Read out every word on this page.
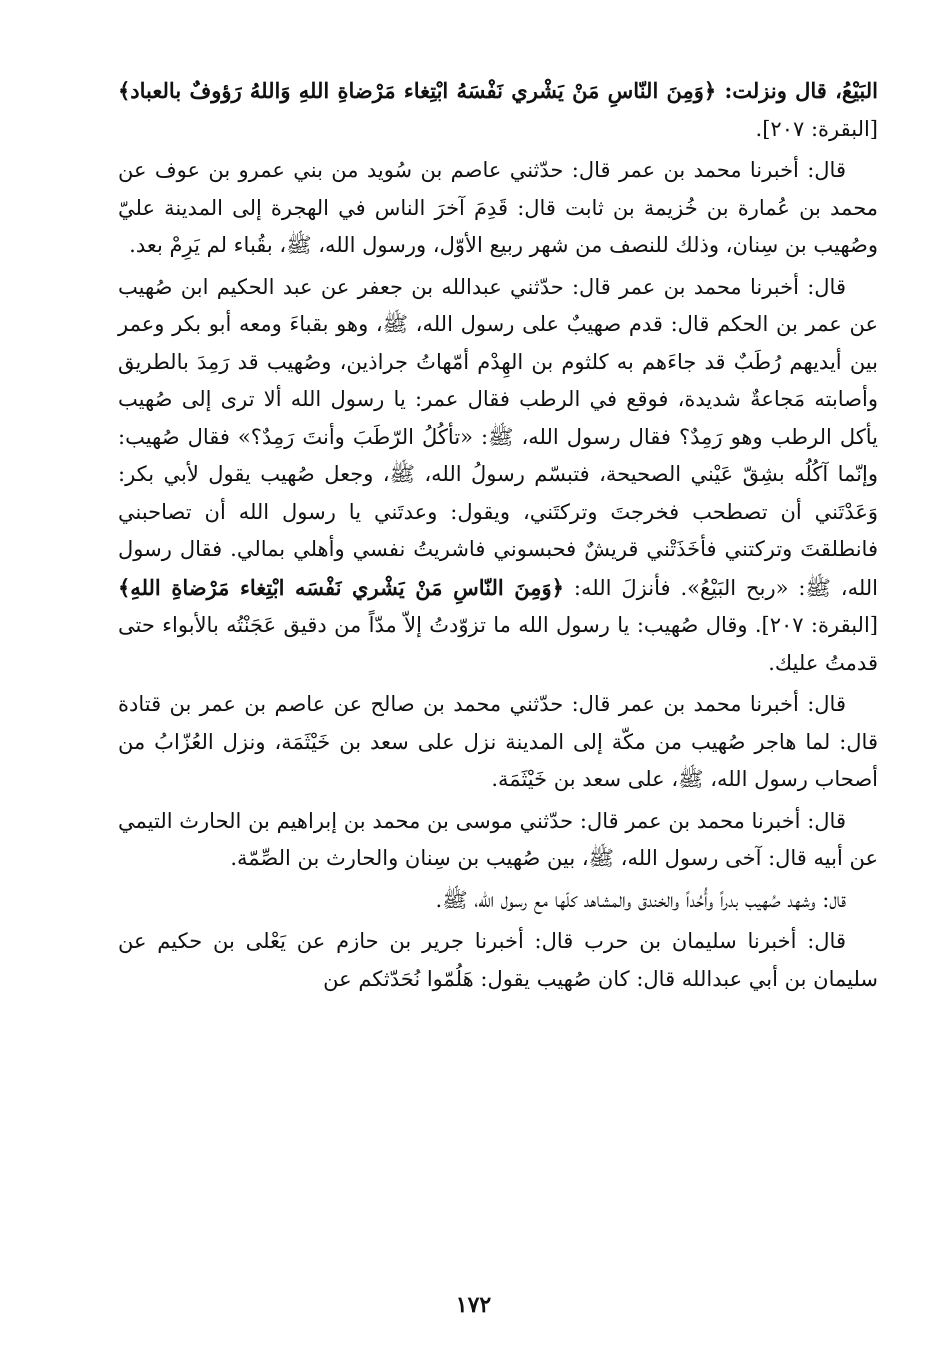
البَيْعُ، قال ونزلت: ﴿وَمِنَ النّاسِ مَنْ يَشْري نَفْسَهُ ابْتِغاء مَرْضاةِ اللهِ وَاللهُ رَؤوفٌ بالعباد﴾ [البقرة: ٢٠٧].

قال: أخبرنا محمد بن عمر قال: حدّثني عاصم بن سُويد من بني عمرو بن عوف عن محمد بن عُمارة بن خُزيمة بن ثابت قال: قَدِمَ آخرَ الناس في الهجرة إلى المدينة عليّ وصُهيب بن سِنان، وذلك للنصف من شهر ربيع الأوّل، ورسول الله، ﷺ، بقُباء لم يَرِمْ بعد.

قال: أخبرنا محمد بن عمر قال: حدّثني عبدالله بن جعفر عن عبد الحكيم ابن صُهيب عن عمر بن الحكم قال: قدم صهيبٌ على رسول الله، ﷺ، وهو بقباءَ ومعه أبو بكر وعمر بين أيديهم رُطَبٌ قد جاءَهم به كلثوم بن الهِدْم أمّهاتُ جراذين، وصُهيب قد رَمِدَ بالطريق وأصابته مَجاعةٌ شديدة، فوقع في الرطب فقال عمر: يا رسول الله ألا ترى إلى صُهيب يأكل الرطب وهو رَمِدٌ؟ فقال رسول الله، ﷺ: «تأكُلُ الرّطَبَ وأنتَ رَمِدٌ؟» فقال صُهيب: وإنّما آكُلُه بشِقّ عَيْني الصحيحة، فتبسّم رسولُ الله، ﷺ، وجعل صُهيب يقول لأبي بكر: وَعَدْتَني أن تصطحب فخرجتَ وتركتَني، ويقول: وعدتَني يا رسول الله أن تصاحبني فانطلقتَ وتركتني فأخَذَتْني قريشٌ فحبسوني فاشريتُ نفسي وأهلي بمالي. فقال رسول الله، ﷺ: «ربح البَيْعُ». فأنزلَ الله: ﴿وَمِنَ النّاسِ مَنْ يَشْري نَفْسَه ابْتِغاء مَرْضاةِ اللهِ﴾ [البقرة: ٢٠٧]. وقال صُهيب: يا رسول الله ما تزوّدتُ إلاّ مدّاً من دقيق عَجَنْتُه بالأبواء حتى قدمتُ عليك.

قال: أخبرنا محمد بن عمر قال: حدّثني محمد بن صالح عن عاصم بن عمر بن قتادة قال: لما هاجر صُهيب من مكّة إلى المدينة نزل على سعد بن خَيْثَمَة، ونزل العُزّابُ من أصحاب رسول الله، ﷺ، على سعد بن خَيْثَمَة.

قال: أخبرنا محمد بن عمر قال: حدّثني موسى بن محمد بن إبراهيم بن الحارث التيمي عن أبيه قال: آخى رسول الله، ﷺ، بين صُهيب بن سِنان والحارث بن الصِّمّة.

قال: وشهد صُهيب بدراً وأُحُداً والخندق والمشاهد كلّها مع رسول الله، ﷺ.

قال: أخبرنا سليمان بن حرب قال: أخبرنا جرير بن حازم عن يَعْلى بن حكيم عن سليمان بن أبي عبدالله قال: كان صُهيب يقول: هَلُمّوا نُحَدّثكم عن

١٧٢
